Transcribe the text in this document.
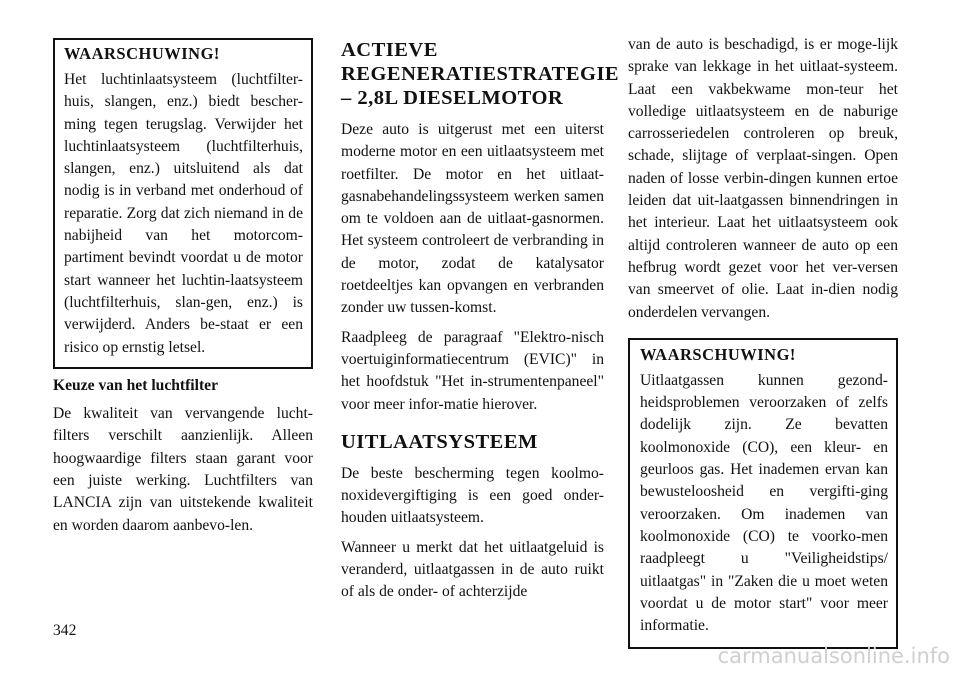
WAARSCHUWING!

Het luchtinlaatsysteem (luchtfilter-huis, slangen, enz.) biedt bescher-ming tegen terugslag. Verwijder het luchtinlaatsysteem (luchtfilterhuis, slangen, enz.) uitsluitend als dat nodig is in verband met onderhoud of reparatie. Zorg dat zich niemand in de nabijheid van het motorcom-partiment bevindt voordat u de motor start wanneer het luchtin-laatsysteem (luchtfilterhuis, slan-gen, enz.) is verwijderd. Anders be-staat er een risico op ernstig letsel.

Keuze van het luchtfilter

De kwaliteit van vervangende lucht-filters verschilt aanzienlijk. Alleen hoogwaardige filters staan garant voor een juiste werking. Luchtfilters van LANCIA zijn van uitstekende kwaliteit en worden daarom aanbevo-len.

ACTIEVE REGENERATIESTRATEGIE – 2,8L DIESELMOTOR

Deze auto is uitgerust met een uiterst moderne motor en een uitlaatsysteem met roetfilter. De motor en het uitlaat-gasnabehandelingssysteem werken samen om te voldoen aan de uitlaat-gasnormen. Het systeem controleert de verbranding in de motor, zodat de katalysator roetdeeltjes kan opvangen en verbranden zonder uw tussen-komst.

Raadpleeg de paragraaf "Elektro-nisch voertuiginformatiecentrum (EVIC)" in het hoofdstuk "Het in-strumentenpaneel" voor meer infor-matie hierover.

UITLAATSYSTEEM

De beste bescherming tegen koolmo-noxidevergiftiging is een goed onder-houden uitlaatsysteem.

Wanneer u merkt dat het uitlaatgeluid is veranderd, uitlaatgassen in de auto ruikt of als de onder- of achterzijde

van de auto is beschadigd, is er moge-lijk sprake van lekkage in het uitlaat-systeem. Laat een vakbekwame mon-teur het volledige uitlaatsysteem en de naburige carrosseriedelen controleren op breuk, schade, slijtage of verplaat-singen. Open naden of losse verbin-dingen kunnen ertoe leiden dat uit-laatgassen binnendringen in het interieur. Laat het uitlaatsysteem ook altijd controleren wanneer de auto op een hefbrug wordt gezet voor het ver-versen van smeervet of olie. Laat in-dien nodig onderdelen vervangen.

WAARSCHUWING!

Uitlaatgassen kunnen gezond-heidsproblemen veroorzaken of zelfs dodelijk zijn. Ze bevatten koolmonoxide (CO), een kleur- en geurloos gas. Het inademen ervan kan bewusteloosheid en vergifti-ging veroorzaken. Om inademen van koolmonoxide (CO) te voorko-men raadpleegt u "Veiligheidstips/ uitlaatgas" in "Zaken die u moet weten voordat u de motor start" voor meer informatie.

342
carmanualsonline.info
